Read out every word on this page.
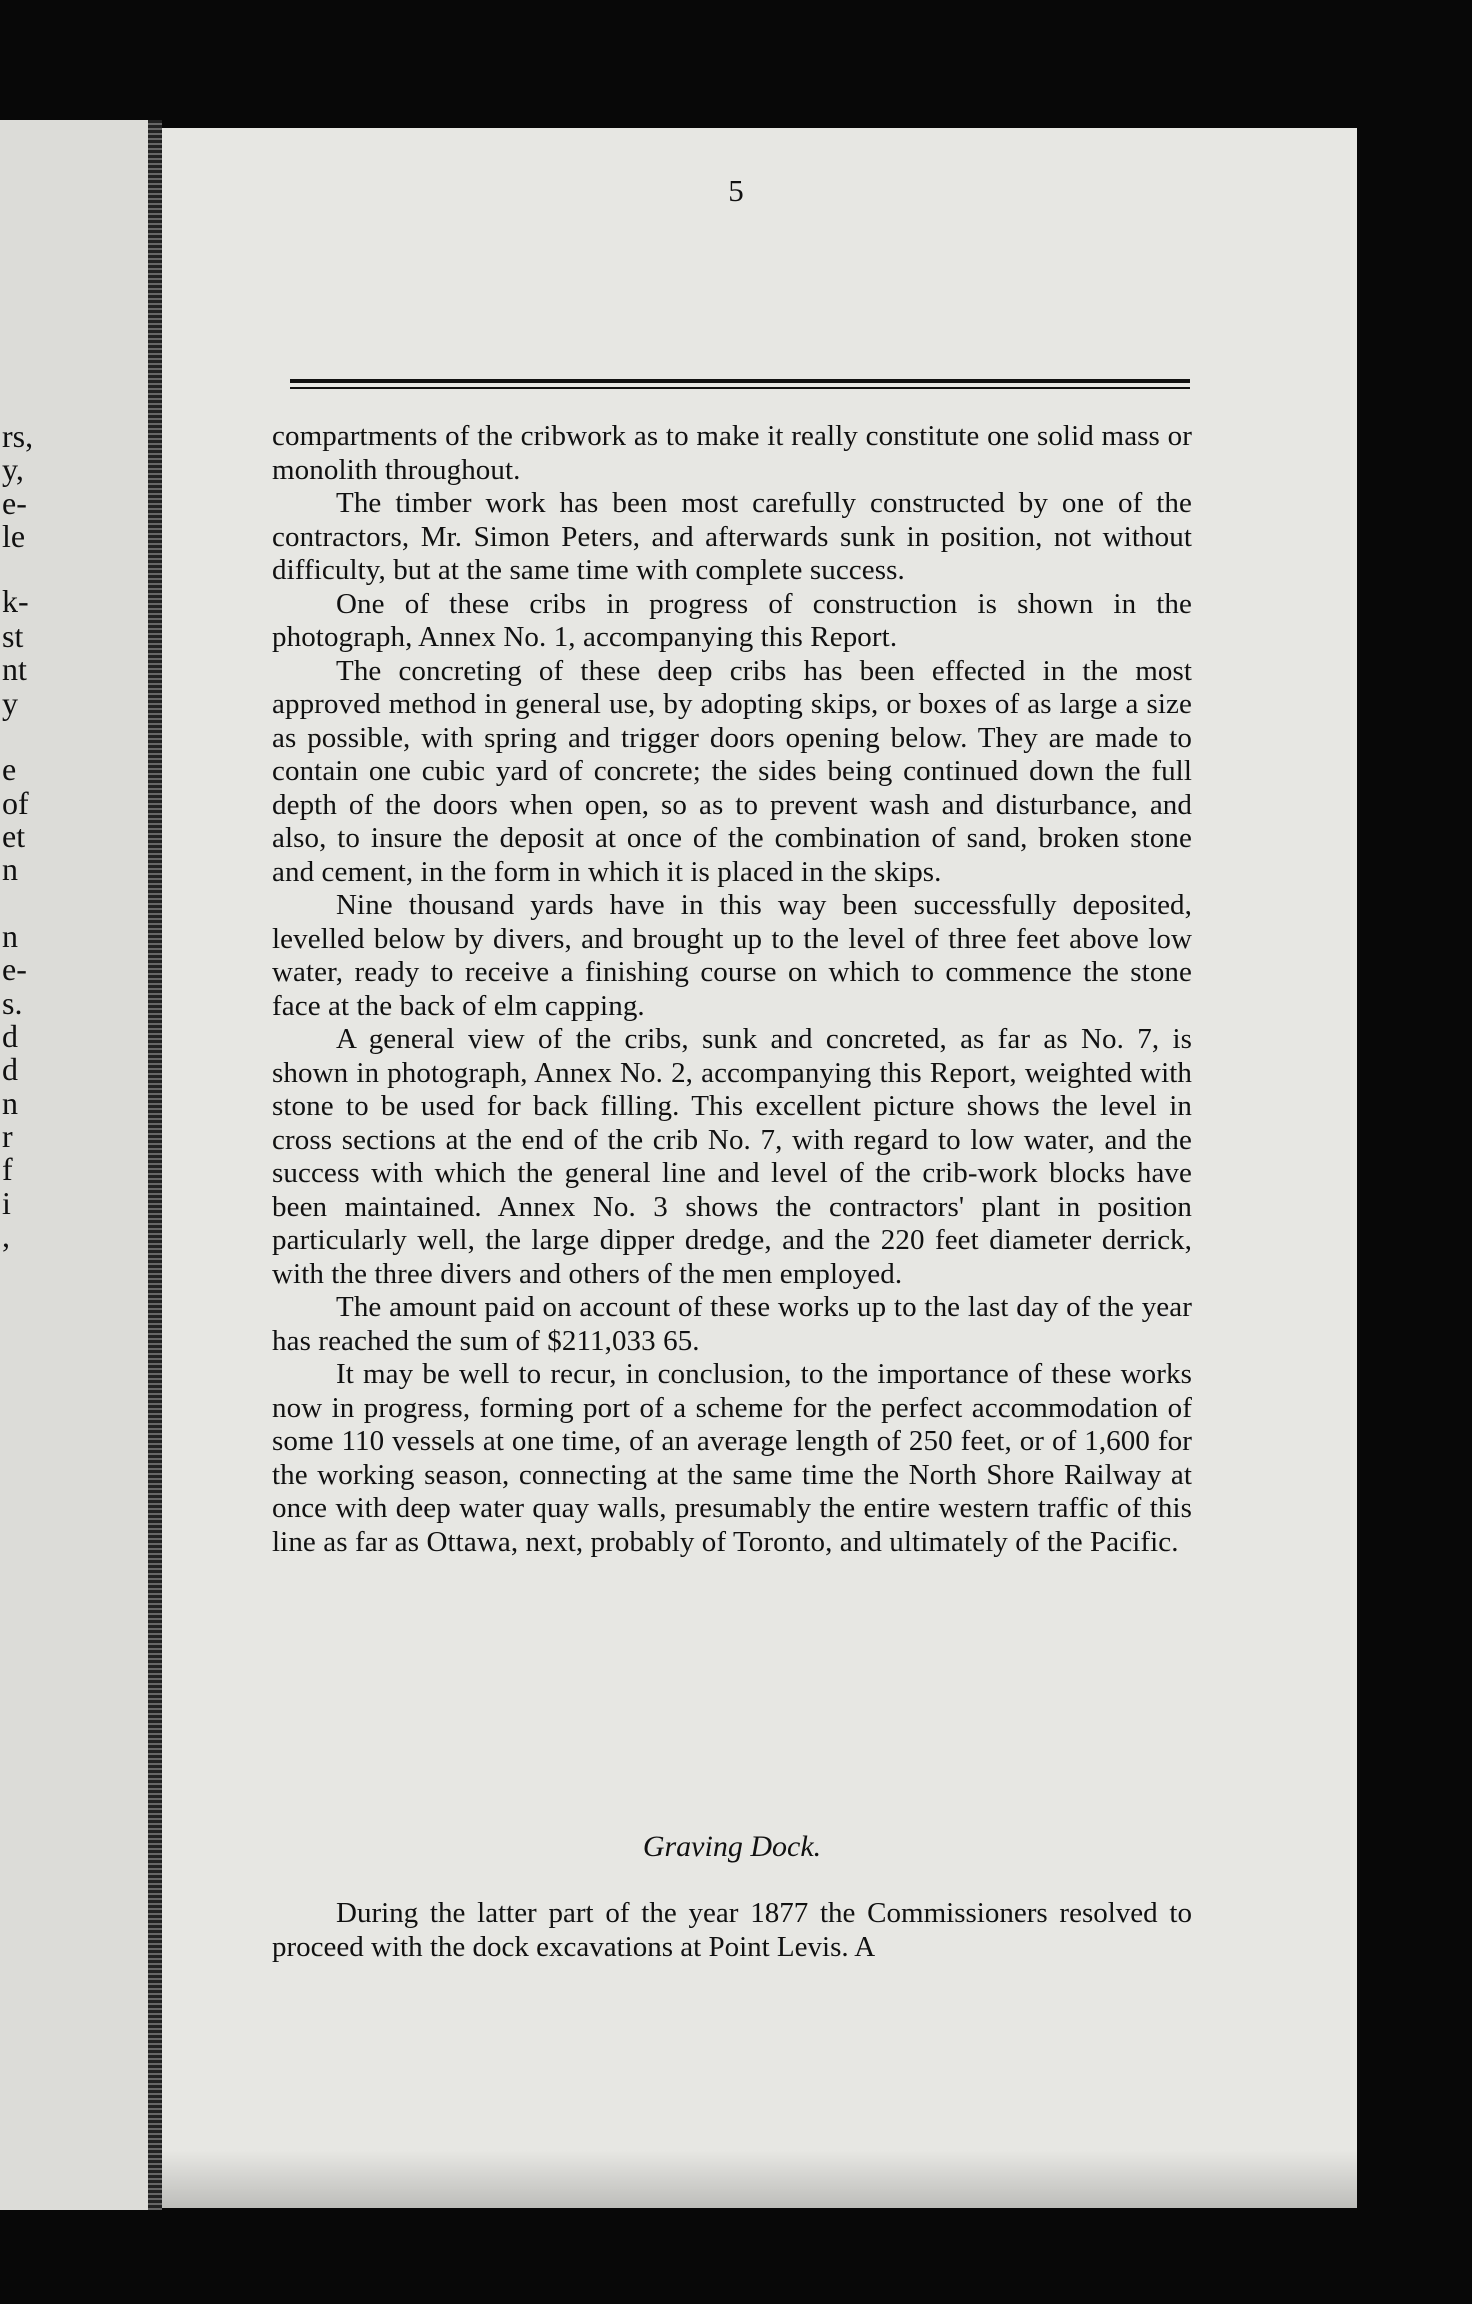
rs,
y,
e-
le
k-
st
nt
y
e
of
et
n
n
e-
s.
d
d
n
r
f
i
,
5

compartments of the cribwork as to make it really constitute one solid mass or monolith throughout.

The timber work has been most carefully constructed by one of the contractors, Mr. Simon Peters, and afterwards sunk in position, not without difficulty, but at the same time with complete success.

One of these cribs in progress of construction is shown in the photograph, Annex No. 1, accompanying this Report.

The concreting of these deep cribs has been effected in the most approved method in general use, by adopting skips, or boxes of as large a size as possible, with spring and trigger doors opening below. They are made to contain one cubic yard of concrete; the sides being continued down the full depth of the doors when open, so as to prevent wash and disturbance, and also, to insure the deposit at once of the combination of sand, broken stone and cement, in the form in which it is placed in the skips.

Nine thousand yards have in this way been successfully deposited, levelled below by divers, and brought up to the level of three feet above low water, ready to receive a finishing course on which to commence the stone face at the back of elm capping.

A general view of the cribs, sunk and concreted, as far as No. 7, is shown in photograph, Annex No. 2, accompanying this Report, weighted with stone to be used for back filling. This excellent picture shows the level in cross sections at the end of the crib No. 7, with regard to low water, and the success with which the general line and level of the crib-work blocks have been maintained. Annex No. 3 shows the contractors' plant in position particularly well, the large dipper dredge, and the 220 feet diameter derrick, with the three divers and others of the men employed.

The amount paid on account of these works up to the last day of the year has reached the sum of $211,033 65.

It may be well to recur, in conclusion, to the importance of these works now in progress, forming port of a scheme for the perfect accommodation of some 110 vessels at one time, of an average length of 250 feet, or of 1,600 for the working season, connecting at the same time the North Shore Railway at once with deep water quay walls, presumably the entire western traffic of this line as far as Ottawa, next, probably of Toronto, and ultimately of the Pacific.

Graving Dock.

During the latter part of the year 1877 the Commissioners resolved to proceed with the dock excavations at Point Levis. A
